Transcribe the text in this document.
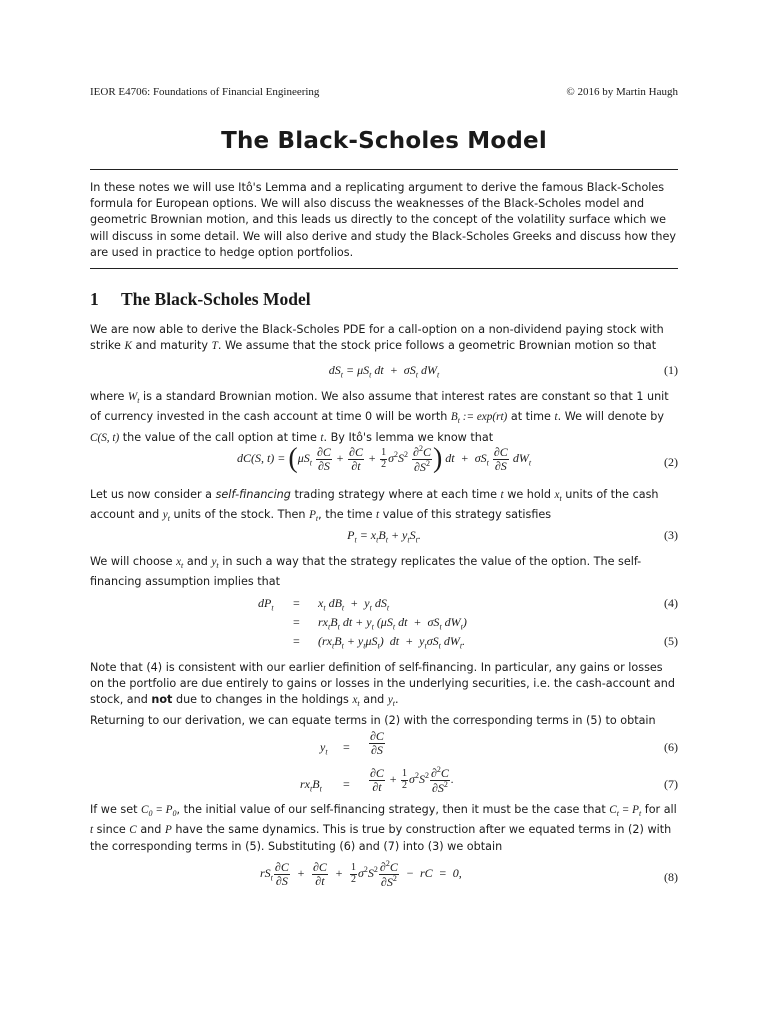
IEOR E4706: Foundations of Financial Engineering	© 2016 by Martin Haugh
The Black-Scholes Model
In these notes we will use Itô's Lemma and a replicating argument to derive the famous Black-Scholes formula for European options. We will also discuss the weaknesses of the Black-Scholes model and geometric Brownian motion, and this leads us directly to the concept of the volatility surface which we will discuss in some detail. We will also derive and study the Black-Scholes Greeks and discuss how they are used in practice to hedge option portfolios.
1 The Black-Scholes Model
We are now able to derive the Black-Scholes PDE for a call-option on a non-dividend paying stock with strike K and maturity T. We assume that the stock price follows a geometric Brownian motion so that
$dS_t = \mu S_t$ dt  +  $\sigma S_t$ $dW_t$	(1)
where $W_t$ is a standard Brownian motion. We also assume that interest rates are constant so that 1 unit of currency invested in the cash account at time 0 will be worth $B_t$ := exp(rt) at time t. We will denote by C(S, t) the value of the call option at time t. By Itô's lemma we know that
dC(S, $t) = (\mu S_t \frac{\partial C}{\partial S} + \frac{\partial C}{\partial t} + \frac{1}{2} \sigma^2S^2 \frac{\partial^2C}{\partial S^2}$ ) dt  +  $\sigma S_t \frac{\partial C}{\partial S} dW_t$	(2)
Let us now consider a self-financing trading strategy where at each time t we hold $x_t$ units of the cash account and $y_t$ units of the stock. Then $P_t$, the time t value of this strategy satisfies
$P_t = x_tB_t + y_tS_t$.	(3)
We will choose $x_t$ and $y_t$ in such a way that the strategy replicates the value of the option. The self-financing assumption implies that
$dP_t = x_t$ $dB_t + y_t$ $dS_t$	(4)
= $rx_tB_t$ dt + $y_t$ ($\mu S_t$ dt  +  $\sigma S_t$ $dW_t$)
= $(rx_tB_t + y_t\mu S_t)$  dt  +  $y_t\sigma S_t$ $dW_t$.	(5)
Note that (4) is consistent with our earlier definition of self-financing. In particular, any gains or losses on the portfolio are due entirely to gains or losses in the underlying securities, i.e. the cash-account and stock, and not due to changes in the holdings $x_t$ and $y_t$.
Returning to our derivation, we can equate terms in (2) with the corresponding terms in (5) to obtain
$y_t = \frac{\partial C}{\partial S}$	(6)
$rx_tB_t = \frac{\partial C}{\partial t} + \frac{1}{2} \sigma^2S^2 \frac{\partial^2C}{\partial S^2}$ .	(7)
If we set $C_0 = P_0$, the initial value of our self-financing strategy, then it must be the case that $C_t = P_t$ for all t since C and P have the same dynamics. This is true by construction after we equated terms in (2) with the corresponding terms in (5). Substituting (6) and (7) into (3) we obtain
$rS_t \frac{\partial C}{\partial S} + \frac{\partial C}{\partial t} + \frac{1}{2} \sigma^2S^2 \frac{\partial^2C}{\partial S^2}$ −  rC  =  0,	(8)
